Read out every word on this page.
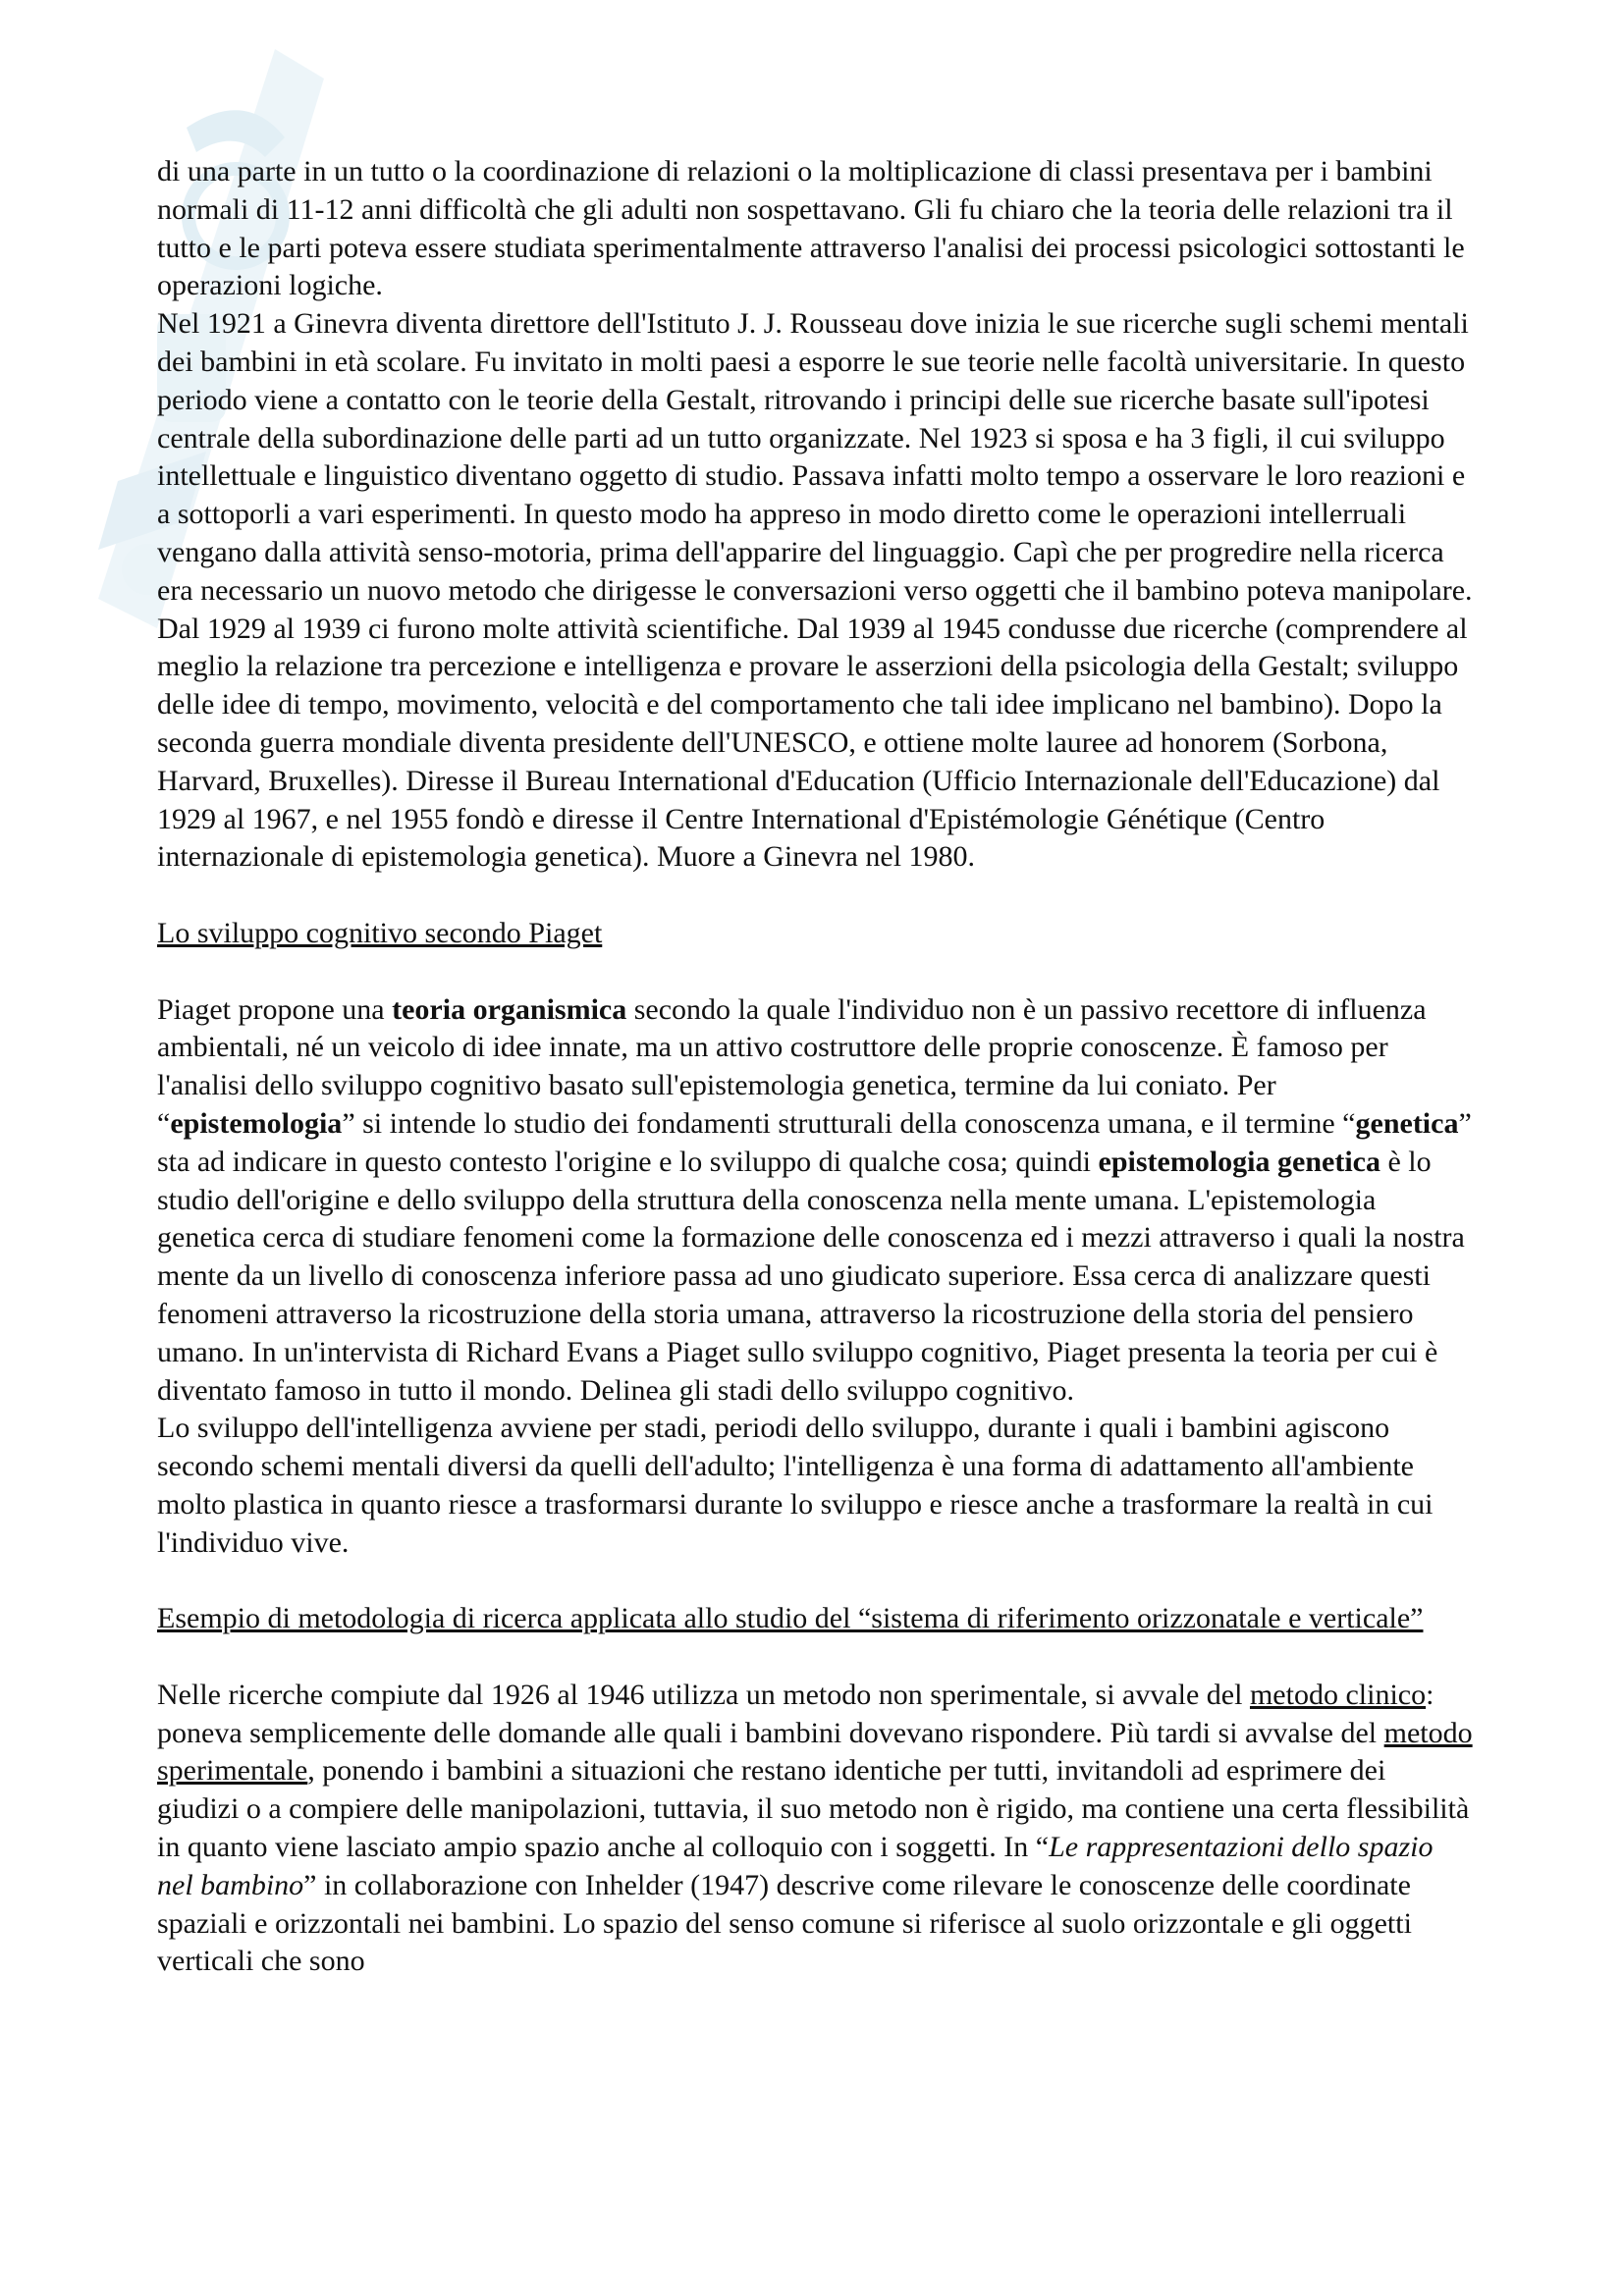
di una parte in un tutto o la coordinazione di relazioni o la moltiplicazione di classi presentava per i bambini normali di 11-12 anni difficoltà che gli adulti non sospettavano. Gli fu chiaro che la teoria delle relazioni tra il tutto e le parti poteva essere studiata sperimentalmente attraverso l'analisi dei processi psicologici sottostanti le operazioni logiche.

Nel 1921 a Ginevra diventa direttore dell'Istituto J. J. Rousseau dove inizia le sue ricerche sugli schemi mentali dei bambini in età scolare. Fu invitato in molti paesi a esporre le sue teorie nelle facoltà universitarie. In questo periodo viene a contatto con le teorie della Gestalt, ritrovando i principi delle sue ricerche basate sull'ipotesi centrale della subordinazione delle parti ad un tutto organizzate. Nel 1923 si sposa e ha 3 figli, il cui sviluppo intellettuale e linguistico diventano oggetto di studio. Passava infatti molto tempo a osservare le loro reazioni e a sottoporli a vari esperimenti. In questo modo ha appreso in modo diretto come le operazioni intellerruali vengano dalla attività senso-motoria, prima dell'apparire del linguaggio. Capì che per progredire nella ricerca era necessario un nuovo metodo che dirigesse le conversazioni verso oggetti che il bambino poteva manipolare. Dal 1929 al 1939 ci furono molte attività scientifiche. Dal 1939 al 1945 condusse due ricerche (comprendere al meglio la relazione tra percezione e intelligenza e provare le asserzioni della psicologia della Gestalt; sviluppo delle idee di tempo, movimento, velocità e del comportamento che tali idee implicano nel bambino). Dopo la seconda guerra mondiale diventa presidente dell'UNESCO, e ottiene molte lauree ad honorem (Sorbona, Harvard, Bruxelles). Diresse il Bureau International d'Education (Ufficio Internazionale dell'Educazione) dal 1929 al 1967, e nel 1955 fondò e diresse il Centre International d'Epistémologie Génétique (Centro internazionale di epistemologia genetica). Muore a Ginevra nel 1980.

Lo sviluppo cognitivo secondo Piaget

Piaget propone una teoria organismica secondo la quale l'individuo non è un passivo recettore di influenza ambientali, né un veicolo di idee innate, ma un attivo costruttore delle proprie conoscenze. È famoso per l'analisi dello sviluppo cognitivo basato sull'epistemologia genetica, termine da lui coniato. Per “epistemologia” si intende lo studio dei fondamenti strutturali della conoscenza umana, e il termine “genetica” sta ad indicare in questo contesto l'origine e lo sviluppo di qualche cosa; quindi epistemologia genetica è lo studio dell'origine e dello sviluppo della struttura della conoscenza nella mente umana. L'epistemologia genetica cerca di studiare fenomeni come la formazione delle conoscenza ed i mezzi attraverso i quali la nostra mente da un livello di conoscenza inferiore passa ad uno giudicato superiore. Essa cerca di analizzare questi fenomeni attraverso la ricostruzione della storia umana, attraverso la ricostruzione della storia del pensiero umano. In un'intervista di Richard Evans a Piaget sullo sviluppo cognitivo, Piaget presenta la teoria per cui è diventato famoso in tutto il mondo. Delinea gli stadi dello sviluppo cognitivo.

Lo sviluppo dell'intelligenza avviene per stadi, periodi dello sviluppo, durante i quali i bambini agiscono secondo schemi mentali diversi da quelli dell'adulto; l'intelligenza è una forma di adattamento all'ambiente molto plastica in quanto riesce a trasformarsi durante lo sviluppo e riesce anche a trasformare la realtà in cui l'individuo vive.

Esempio di metodologia di ricerca applicata allo studio del “sistema di riferimento orizzonatale e verticale”

Nelle ricerche compiute dal 1926 al 1946 utilizza un metodo non sperimentale, si avvale del metodo clinico: poneva semplicemente delle domande alle quali i bambini dovevano rispondere. Più tardi si avvalse del metodo sperimentale, ponendo i bambini a situazioni che restano identiche per tutti, invitandoli ad esprimere dei giudizi o a compiere delle manipolazioni, tuttavia, il suo metodo non è rigido, ma contiene una certa flessibilità in quanto viene lasciato ampio spazio anche al colloquio con i soggetti. In “Le rappresentazioni dello spazio nel bambino” in collaborazione con Inhelder (1947) descrive come rilevare le conoscenze delle coordinate spaziali e orizzontali nei bambini. Lo spazio del senso comune si riferisce al suolo orizzontale e gli oggetti verticali che sono
